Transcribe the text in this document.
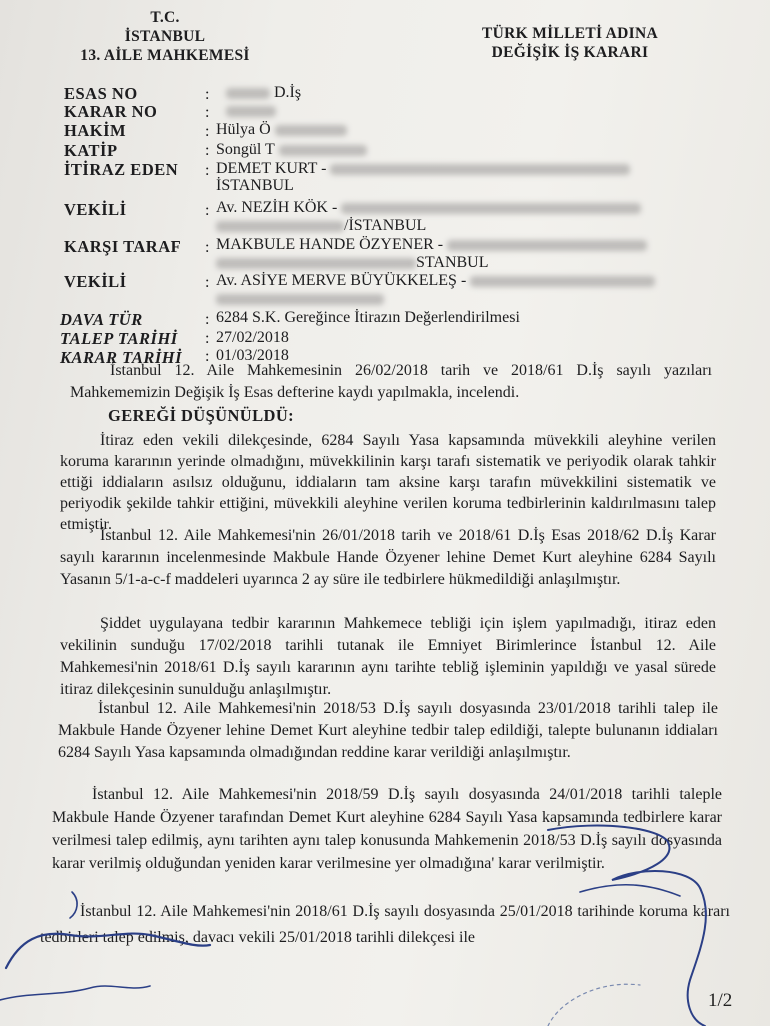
T.C.
İSTANBUL
13. AİLE MAHKEMESİ
TÜRK MİLLETİ ADINA
DEĞİŞİK İŞ KARARI
ESAS NO	:	D.İş
KARAR NO	:
HAKİM	: Hülya Ö
KATİP	: Songül T
İTİRAZ EDEN : DEMET KURT -
İSTANBUL
VEKİLİ	: Av. NEZİH KÖK -
/İSTANBUL
KARŞI TARAF : MAKBULE HANDE ÖZYENER -
STANBUL
VEKİLİ	: Av. ASİYE MERVE BÜYÜKKELEŞ -
DAVA TÜR	: 6284 S.K. Gereğince İtirazın Değerlendirilmesi
TALEP TARİHİ : 27/02/2018
KARAR TARİHİ : 01/03/2018
İstanbul 12. Aile Mahkemesinin 26/02/2018 tarih ve 2018/61 D.İş sayılı yazıları Mahkememizin Değişik İş Esas defterine kaydı yapılmakla, incelendi.
GEREĞİ DÜŞÜNÜLDÜ:
İtiraz eden vekili dilekçesinde, 6284 Sayılı Yasa kapsamında müvekkili aleyhine verilen koruma kararının yerinde olmadığını, müvekkilinin karşı tarafı sistematik ve periyodik olarak tahkir ettiği iddiaların asılsız olduğunu, iddiaların tam aksine karşı tarafın müvekkilini sistematik ve periyodik şekilde tahkir ettiğini, müvekkili aleyhine verilen koruma tedbirlerinin kaldırılmasını talep etmiştir.
İstanbul 12. Aile Mahkemesi'nin 26/01/2018 tarih ve 2018/61 D.İş Esas 2018/62 D.İş Karar sayılı kararının incelenmesinde Makbule Hande Özyener lehine Demet Kurt aleyhine 6284 Sayılı Yasanın 5/1-a-c-f maddeleri uyarınca 2 ay süre ile tedbirlere hükmedildiği anlaşılmıştır.
Şiddet uygulayana tedbir kararının Mahkemece tebliği için işlem yapılmadığı, itiraz eden vekilinin sunduğu 17/02/2018 tarihli tutanak ile Emniyet Birimlerince İstanbul 12. Aile Mahkemesi'nin 2018/61 D.İş sayılı kararının aynı tarihte tebliğ işleminin yapıldığı ve yasal sürede itiraz dilekçesinin sunulduğu anlaşılmıştır.
İstanbul 12. Aile Mahkemesi'nin 2018/53 D.İş sayılı dosyasında 23/01/2018 tarihli talep ile Makbule Hande Özyener lehine Demet Kurt aleyhine tedbir talep edildiği, talepte bulunanın iddiaları 6284 Sayılı Yasa kapsamında olmadığından reddine karar verildiği anlaşılmıştır.
İstanbul 12. Aile Mahkemesi'nin 2018/59 D.İş sayılı dosyasında 24/01/2018 tarihli taleple Makbule Hande Özyener tarafından Demet Kurt aleyhine 6284 Sayılı Yasa kapsamında tedbirlere karar verilmesi talep edilmiş, aynı tarihten aynı talep konusunda Mahkemenin 2018/53 D.İş sayılı dosyasında karar verilmiş olduğundan yeniden karar verilmesine yer olmadığına' karar verilmiştir.
İstanbul 12. Aile Mahkemesi'nin 2018/61 D.İş sayılı dosyasında 25/01/2018 tarihinde koruma kararı tedbirleri talep edilmiş, davacı vekili 25/01/2018 tarihli dilekçesi ile
1/2
